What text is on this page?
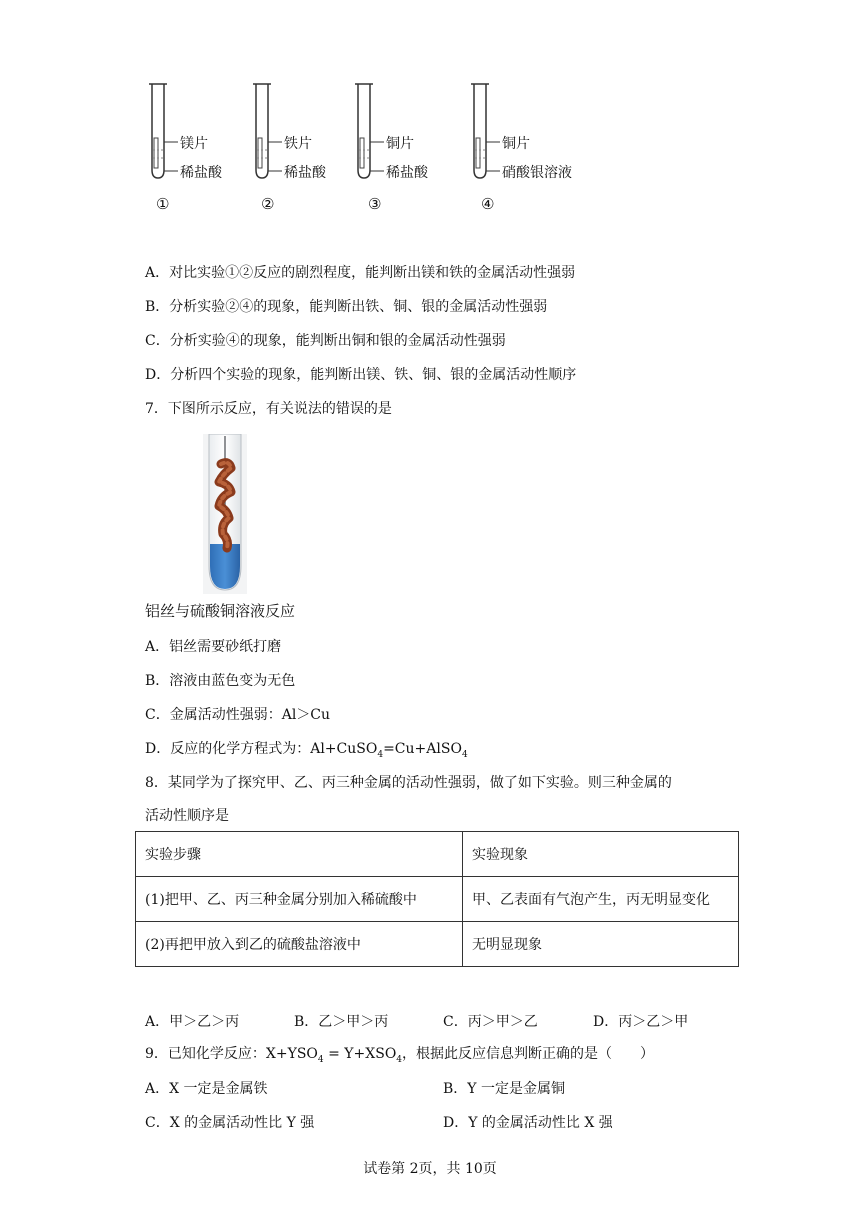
镁片
稀盐酸
①
铁片
稀盐酸
②
铜片
稀盐酸
③
铜片
硝酸银溶液
④
A．对比实验①②反应的剧烈程度，能判断出镁和铁的金属活动性强弱
B．分析实验②④的现象，能判断出铁、铜、银的金属活动性强弱
C．分析实验④的现象，能判断出铜和银的金属活动性强弱
D．分析四个实验的现象，能判断出镁、铁、铜、银的金属活动性顺序
7．下图所示反应，有关说法的错误的是
铝丝与硫酸铜溶液反应
A．铝丝需要砂纸打磨
B．溶液由蓝色变为无色
C．金属活动性强弱：Al＞Cu
D．反应的化学方程式为：Al+CuSO$_4$=Cu+AlSO$_4$
8．某同学为了探究甲、乙、丙三种金属的活动性强弱，做了如下实验。则三种金属的
活动性顺序是
实验步骤	实验现象
(1)把甲、乙、丙三种金属分别加入稀硫酸中	甲、乙表面有气泡产生，丙无明显变化
(2)再把甲放入到乙的硫酸盐溶液中	无明显现象
A．甲＞乙＞丙	B．乙＞甲＞丙	C．丙＞甲＞乙	D．丙＞乙＞甲
9．已知化学反应：$X+YSO_4 = Y+XSO_4$，根据此反应信息判断正确的是（　　）
A．X 一定是金属铁	B．Y 一定是金属铜
C．X 的金属活动性比 Y 强	D．Y 的金属活动性比 X 强
试卷第 2页，共 10页
